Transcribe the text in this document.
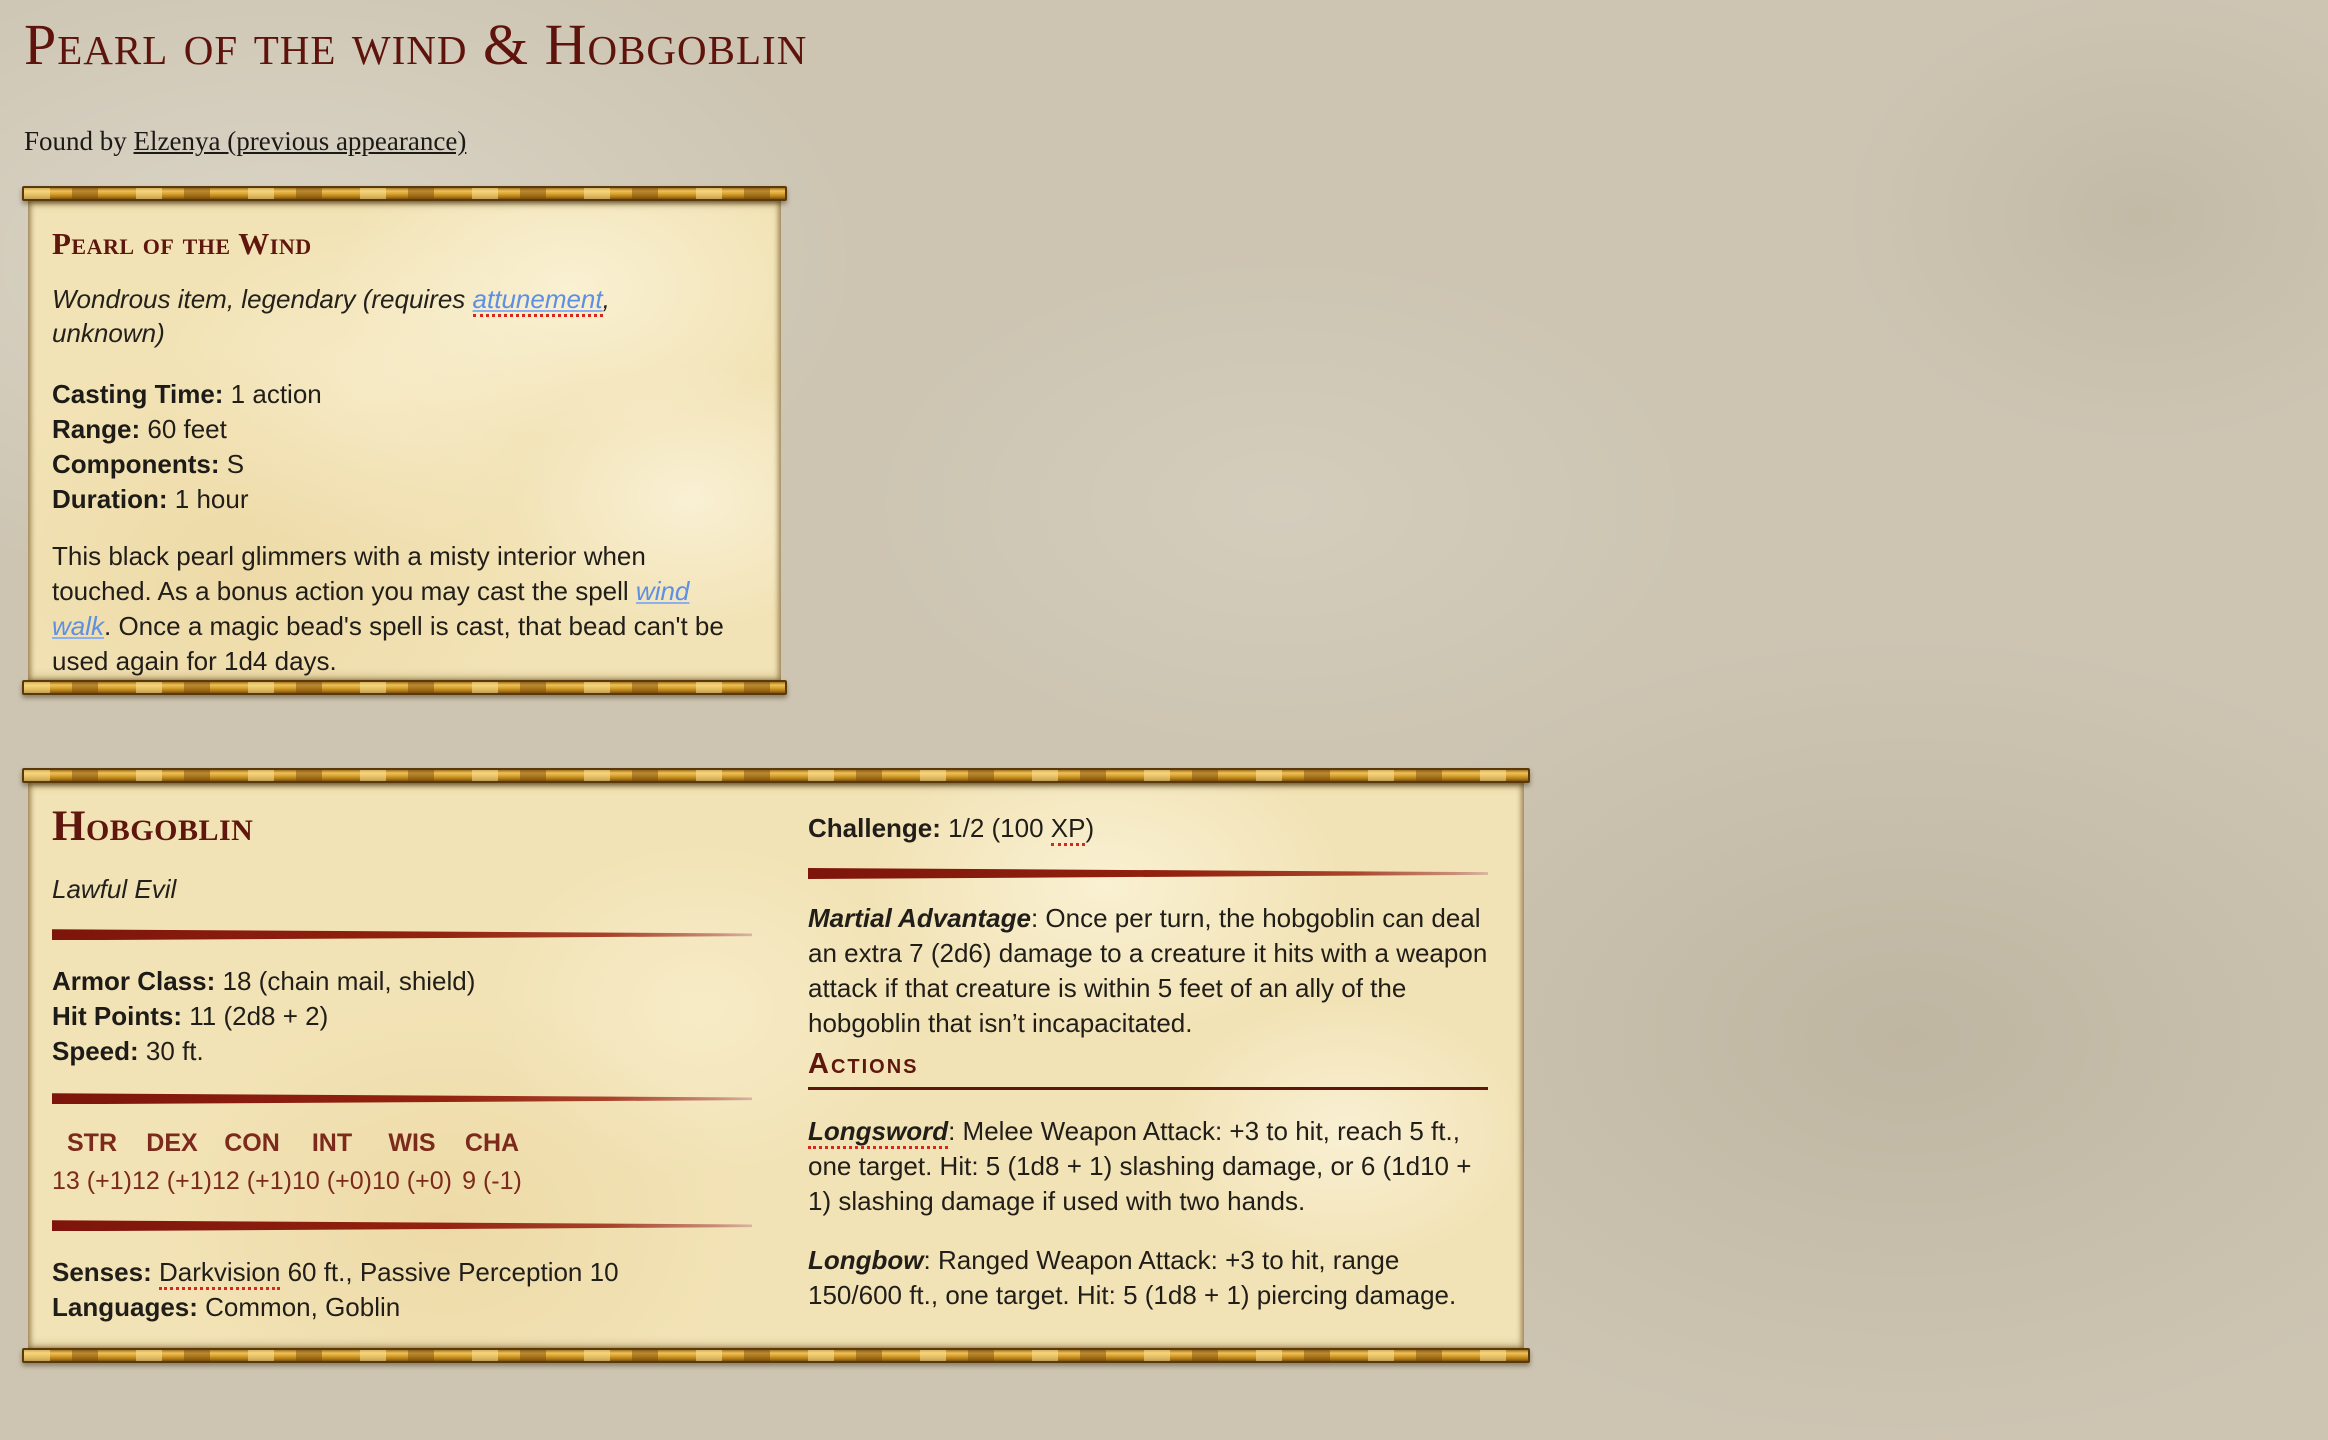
Pearl of the wind & Hobgoblin

Found by Elzenya (previous appearance)

Pearl of the Wind

Wondrous item, legendary (requires attunement, unknown)

Casting Time: 1 action
Range: 60 feet
Components: S
Duration: 1 hour

This black pearl glimmers with a misty interior when touched. As a bonus action you may cast the spell wind walk. Once a magic bead's spell is cast, that bead can't be used again for 1d4 days.

Hobgoblin

Lawful Evil

Armor Class: 18 (chain mail, shield)
Hit Points: 11 (2d8 + 2)
Speed: 30 ft.
STR
13 (+1)
DEX
12 (+1)
CON
12 (+1)
INT
10 (+0)
WIS
10 (+0)
CHA
9 (-1)
Senses: Darkvision 60 ft., Passive Perception 10
Languages: Common, Goblin

Challenge: 1/2 (100 XP)

Martial Advantage: Once per turn, the hobgoblin can deal an extra 7 (2d6) damage to a creature it hits with a weapon attack if that creature is within 5 feet of an ally of the hobgoblin that isn’t incapacitated.

Actions

Longsword: Melee Weapon Attack: +3 to hit, reach 5 ft., one target. Hit: 5 (1d8 + 1) slashing damage, or 6 (1d10 + 1) slashing damage if used with two hands.

Longbow: Ranged Weapon Attack: +3 to hit, range 150/600 ft., one target. Hit: 5 (1d8 + 1) piercing damage.
